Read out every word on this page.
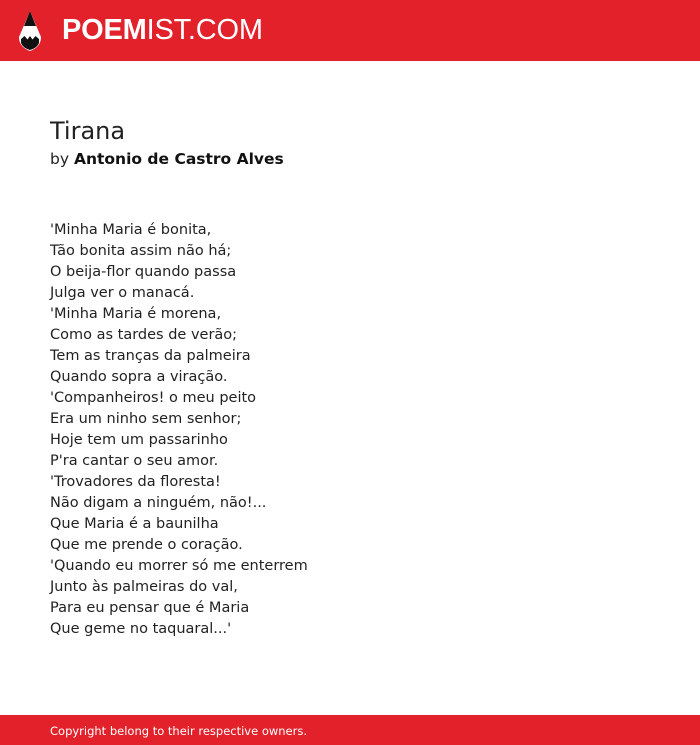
POEMIST.COM
Tirana
by Antonio de Castro Alves
'Minha Maria é bonita,
Tão bonita assim não há;
O beija-flor quando passa
Julga ver o manacá.
'Minha Maria é morena,
Como as tardes de verão;
Tem as tranças da palmeira
Quando sopra a viração.
'Companheiros! o meu peito
Era um ninho sem senhor;
Hoje tem um passarinho
P'ra cantar o seu amor.
'Trovadores da floresta!
Não digam a ninguém, não!...
Que Maria é a baunilha
Que me prende o coração.
'Quando eu morrer só me enterrem
Junto às palmeiras do val,
Para eu pensar que é Maria
Que geme no taquaral...'
Copyright belong to their respective owners.
